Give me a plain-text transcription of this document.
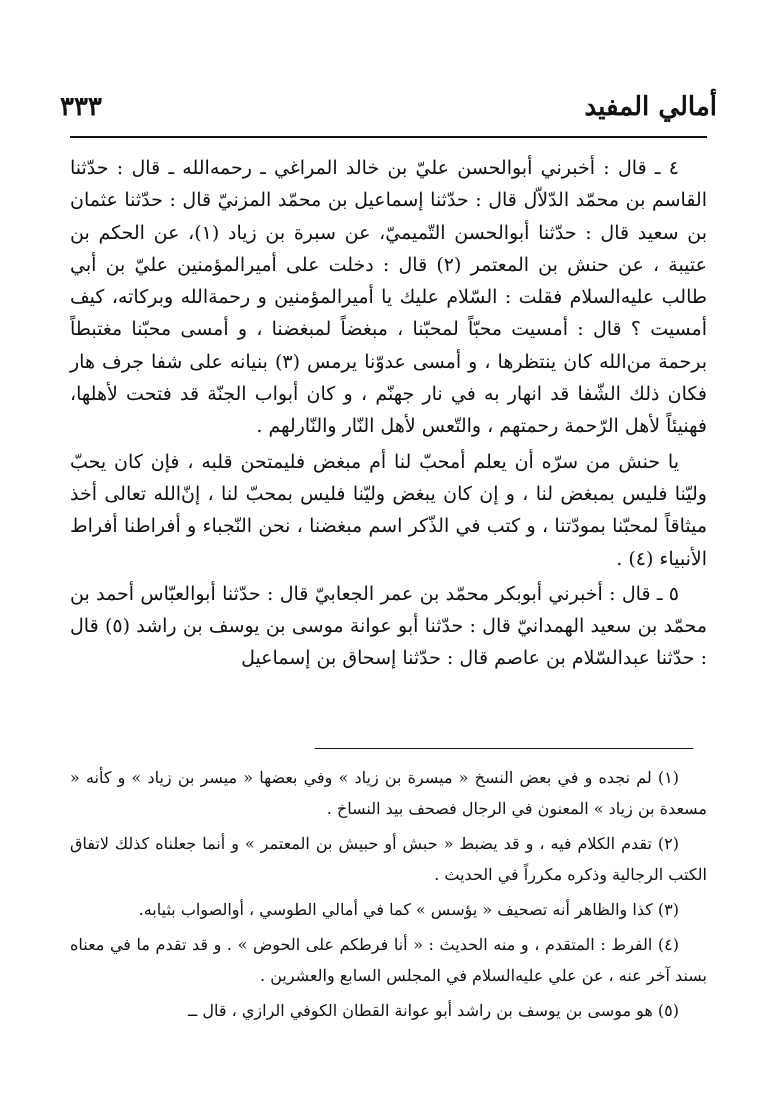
أمالي المفيد
٣٣٣

٤ ـ قال : أخبرني أبوالحسن عليّ بن خالد المراغي ـ رحمه‌الله ـ قال : حدّثنا القاسم بن محمّد الدّلاّل قال : حدّثنا إسماعيل بن محمّد المزنيّ قال : حدّثنا عثمان بن سعيد قال : حدّثنا أبوالحسن التّميميّ، عن سبرة بن زياد (١)، عن الحكم بن عتيبة ، عن حنش بن المعتمر (٢) قال : دخلت على أميرالمؤمنين عليّ بن أبي طالب عليه‌السلام فقلت : السّلام عليك يا أميرالمؤمنين و رحمة‌الله وبركاته، كيف أمسيت ؟ قال : أمسيت محبّاً لمحبّنا ، مبغضاً لمبغضنا ، و أمسى محبّنا مغتبطاً برحمة من‌الله كان ينتظرها ، و أمسى عدوّنا يرمس (٣) بنيانه على شفا جرف هار فكان ذلك الشّفا قد انهار به في نار جهنّم ، و كان أبواب الجنّة قد فتحت لأهلها، فهنيئاً لأهل الرّحمة رحمتهم ، والتّعس لأهل النّار والنّارلهم .

يا حنش من سرّه أن يعلم أمحبّ لنا أم مبغض فليمتحن قلبه ، فإن كان يحبّ وليّنا فليس بمبغض لنا ، و إن كان يبغض وليّنا فليس بمحبّ لنا ، إنّ‌الله تعالى أخذ ميثاقاً لمحبّنا بمودّتنا ، و كتب في الذّكر اسم مبغضنا ، نحن النّجباء و أفراطنا أفراط الأنبياء (٤) .

٥ ـ قال : أخبرني أبوبكر محمّد بن عمر الجعابيّ قال : حدّثنا أبوالعبّاس أحمد بن محمّد بن سعيد الهمدانيّ قال : حدّثنا أبو عوانة موسى بن يوسف بن راشد (٥) قال : حدّثنا عبدالسّلام بن عاصم قال : حدّثنا إسحاق بن إسماعيل

(١) لم نجده و في بعض النسخ « ميسرة بن زياد » وفي بعضها « ميسر بن زياد » و كأنه « مسعدة بن زياد » المعنون في الرجال فصحف بيد النساخ .

(٢) تقدم الكلام فيه ، و قد يضبط « حبش أو حبيش بن المعتمر » و أنما جعلناه كذلك لاتفاق الكتب الرجالية وذكره مكرراً في الحديث .

(٣) كذا والظاهر أنه تصحيف « يؤسس » كما في أمالي الطوسي ، أوالصواب بثيابه.

(٤) الفرط : المتقدم ، و منه الحديث : « أنا فرطكم على الحوض » . و قد تقدم ما في معناه بسند آخر عنه ، عن علي عليه‌السلام في المجلس السابع والعشرين .

(٥) هو موسى بن يوسف بن راشد أبو عوانة القطان الكوفي الرازي ، قال ــ
